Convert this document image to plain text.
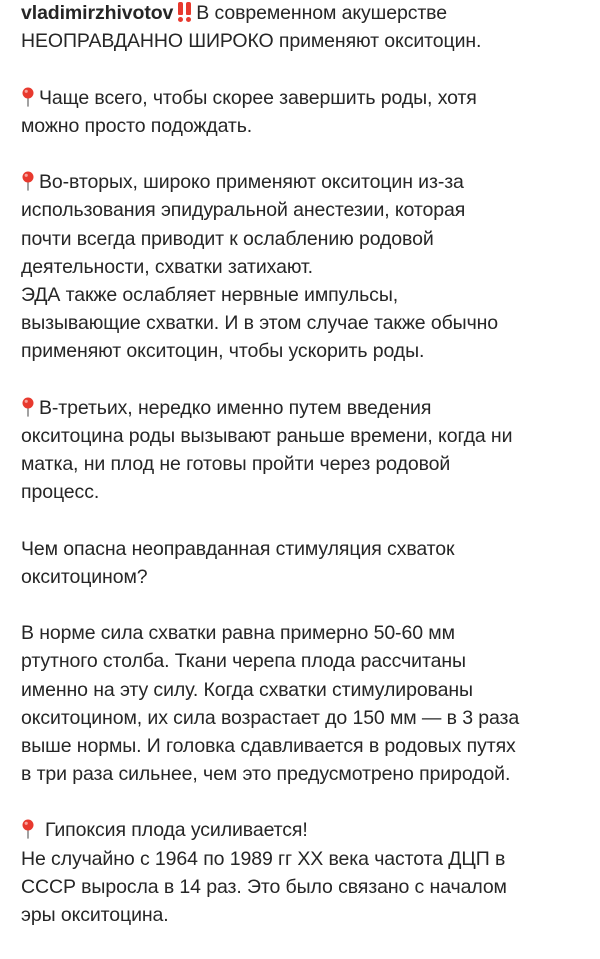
vladimirzhivotov В современном акушерстве
НЕОПРАВДАННО ШИРОКО применяют окситоцин.
Чаще всего, чтобы скорее завершить роды, хотя
можно просто подождать.
Во-вторых, широко применяют окситоцин из-за
использования эпидуральной анестезии, которая
почти всегда приводит к ослаблению родовой
деятельности, схватки затихают.
ЭДА также ослабляет нервные импульсы,
вызывающие схватки. И в этом случае также обычно
применяют окситоцин, чтобы ускорить роды.
В-третьих, нередко именно путем введения
окситоцина роды вызывают раньше времени, когда ни
матка, ни плод не готовы пройти через родовой
процесс.
Чем опасна неоправданная стимуляция схваток
окситоцином?
В норме сила схватки равна примерно 50-60 мм
ртутного столба. Ткани черепа плода рассчитаны
именно на эту силу. Когда схватки стимулированы
окситоцином, их сила возрастает до 150 мм — в 3 раза
выше нормы. И головка сдавливается в родовых путях
в три раза сильнее, чем это предусмотрено природой.
Гипоксия плода усиливается!
Не случайно с 1964 по 1989 гг XX века частота ДЦП в
СССР выросла в 14 раз. Это было связано с началом
эры окситоцина.
